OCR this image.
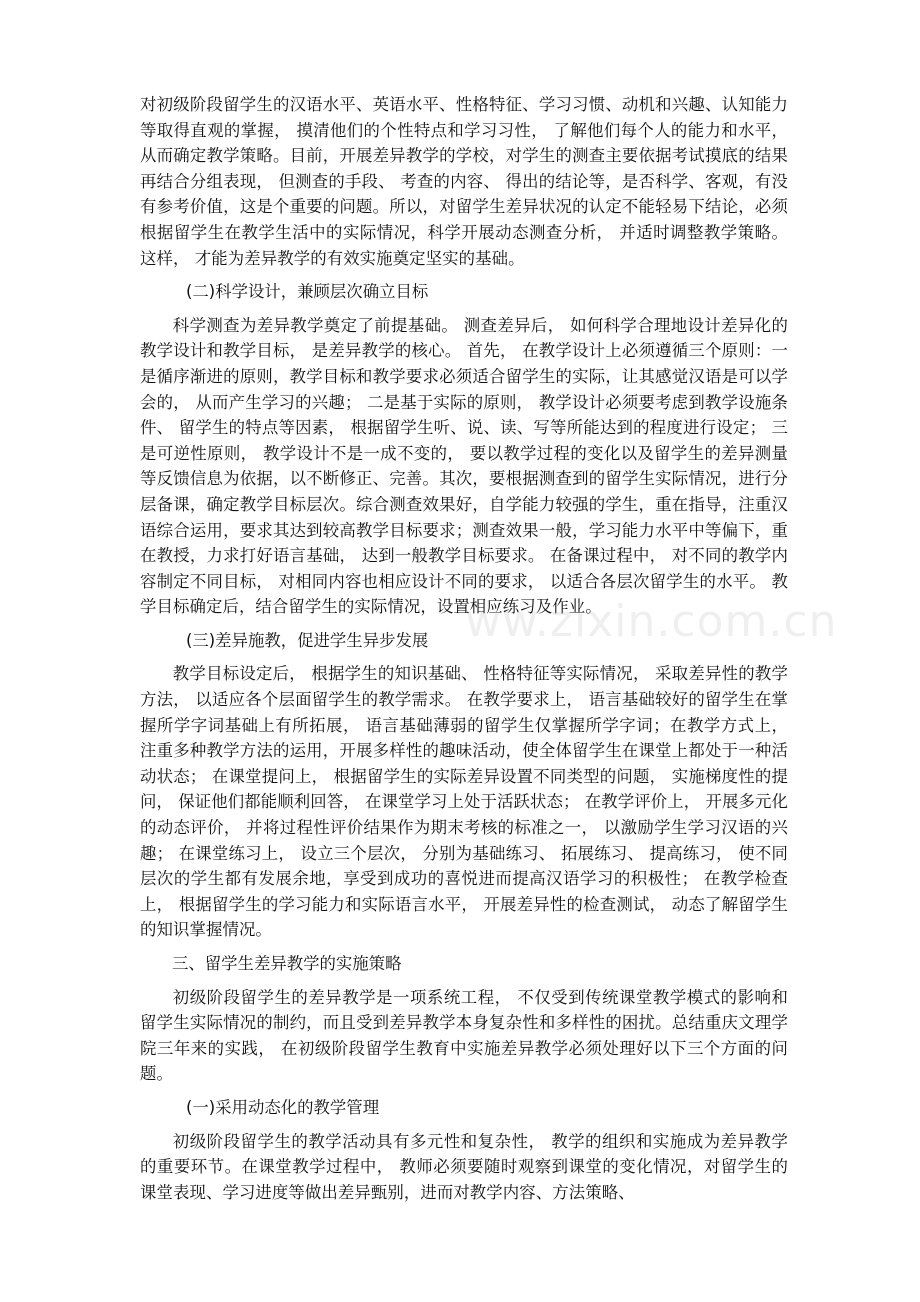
对初级阶段留学生的汉语水平、英语水平、性格特征、学习习惯、动机和兴趣、认知能力等取得直观的掌握， 摸清他们的个性特点和学习习性， 了解他们每个人的能力和水平，从而确定教学策略。目前，开展差异教学的学校，对学生的测查主要依据考试摸底的结果再结合分组表现， 但测查的手段、 考查的内容、 得出的结论等，是否科学、客观，有没有参考价值，这是个重要的问题。所以，对留学生差异状况的认定不能轻易下结论，必须根据留学生在教学生活中的实际情况，科学开展动态测查分析， 并适时调整教学策略。 这样， 才能为差异教学的有效实施奠定坚实的基础。

(二)科学设计，兼顾层次确立目标

科学测查为差异教学奠定了前提基础。 测查差异后， 如何科学合理地设计差异化的教学设计和教学目标， 是差异教学的核心。 首先， 在教学设计上必须遵循三个原则：一是循序渐进的原则，教学目标和教学要求必须适合留学生的实际，让其感觉汉语是可以学会的， 从而产生学习的兴趣； 二是基于实际的原则， 教学设计必须要考虑到教学设施条件、 留学生的特点等因素， 根据留学生听、说、读、写等所能达到的程度进行设定； 三是可逆性原则， 教学设计不是一成不变的， 要以教学过程的变化以及留学生的差异测量等反馈信息为依据，以不断修正、完善。其次，要根据测查到的留学生实际情况，进行分层备课，确定教学目标层次。综合测查效果好，自学能力较强的学生，重在指导，注重汉语综合运用，要求其达到较高教学目标要求；测查效果一般，学习能力水平中等偏下，重在教授，力求打好语言基础， 达到一般教学目标要求。 在备课过程中， 对不同的教学内容制定不同目标， 对相同内容也相应设计不同的要求， 以适合各层次留学生的水平。 教学目标确定后，结合留学生的实际情况，设置相应练习及作业。

(三)差异施教，促进学生异步发展

教学目标设定后， 根据学生的知识基础、 性格特征等实际情况， 采取差异性的教学方法， 以适应各个层面留学生的教学需求。 在教学要求上， 语言基础较好的留学生在掌握所学字词基础上有所拓展， 语言基础薄弱的留学生仅掌握所学字词；在教学方式上，注重多种教学方法的运用，开展多样性的趣味活动，使全体留学生在课堂上都处于一种活动状态； 在课堂提问上， 根据留学生的实际差异设置不同类型的问题， 实施梯度性的提问， 保证他们都能顺利回答， 在课堂学习上处于活跃状态； 在教学评价上， 开展多元化的动态评价， 并将过程性评价结果作为期末考核的标准之一， 以激励学生学习汉语的兴趣； 在课堂练习上， 设立三个层次， 分别为基础练习、 拓展练习、 提高练习， 使不同层次的学生都有发展余地，享受到成功的喜悦进而提高汉语学习的积极性； 在教学检查上， 根据留学生的学习能力和实际语言水平， 开展差异性的检查测试， 动态了解留学生的知识掌握情况。

三、留学生差异教学的实施策略

初级阶段留学生的差异教学是一项系统工程， 不仅受到传统课堂教学模式的影响和留学生实际情况的制约，而且受到差异教学本身复杂性和多样性的困扰。总结重庆文理学院三年来的实践， 在初级阶段留学生教育中实施差异教学必须处理好以下三个方面的问题。

(一)采用动态化的教学管理

初级阶段留学生的教学活动具有多元性和复杂性， 教学的组织和实施成为差异教学的重要环节。在课堂教学过程中， 教师必须要随时观察到课堂的变化情况，对留学生的课堂表现、学习进度等做出差异甄别，进而对教学内容、方法策略、

ww.zixin.com.cn
